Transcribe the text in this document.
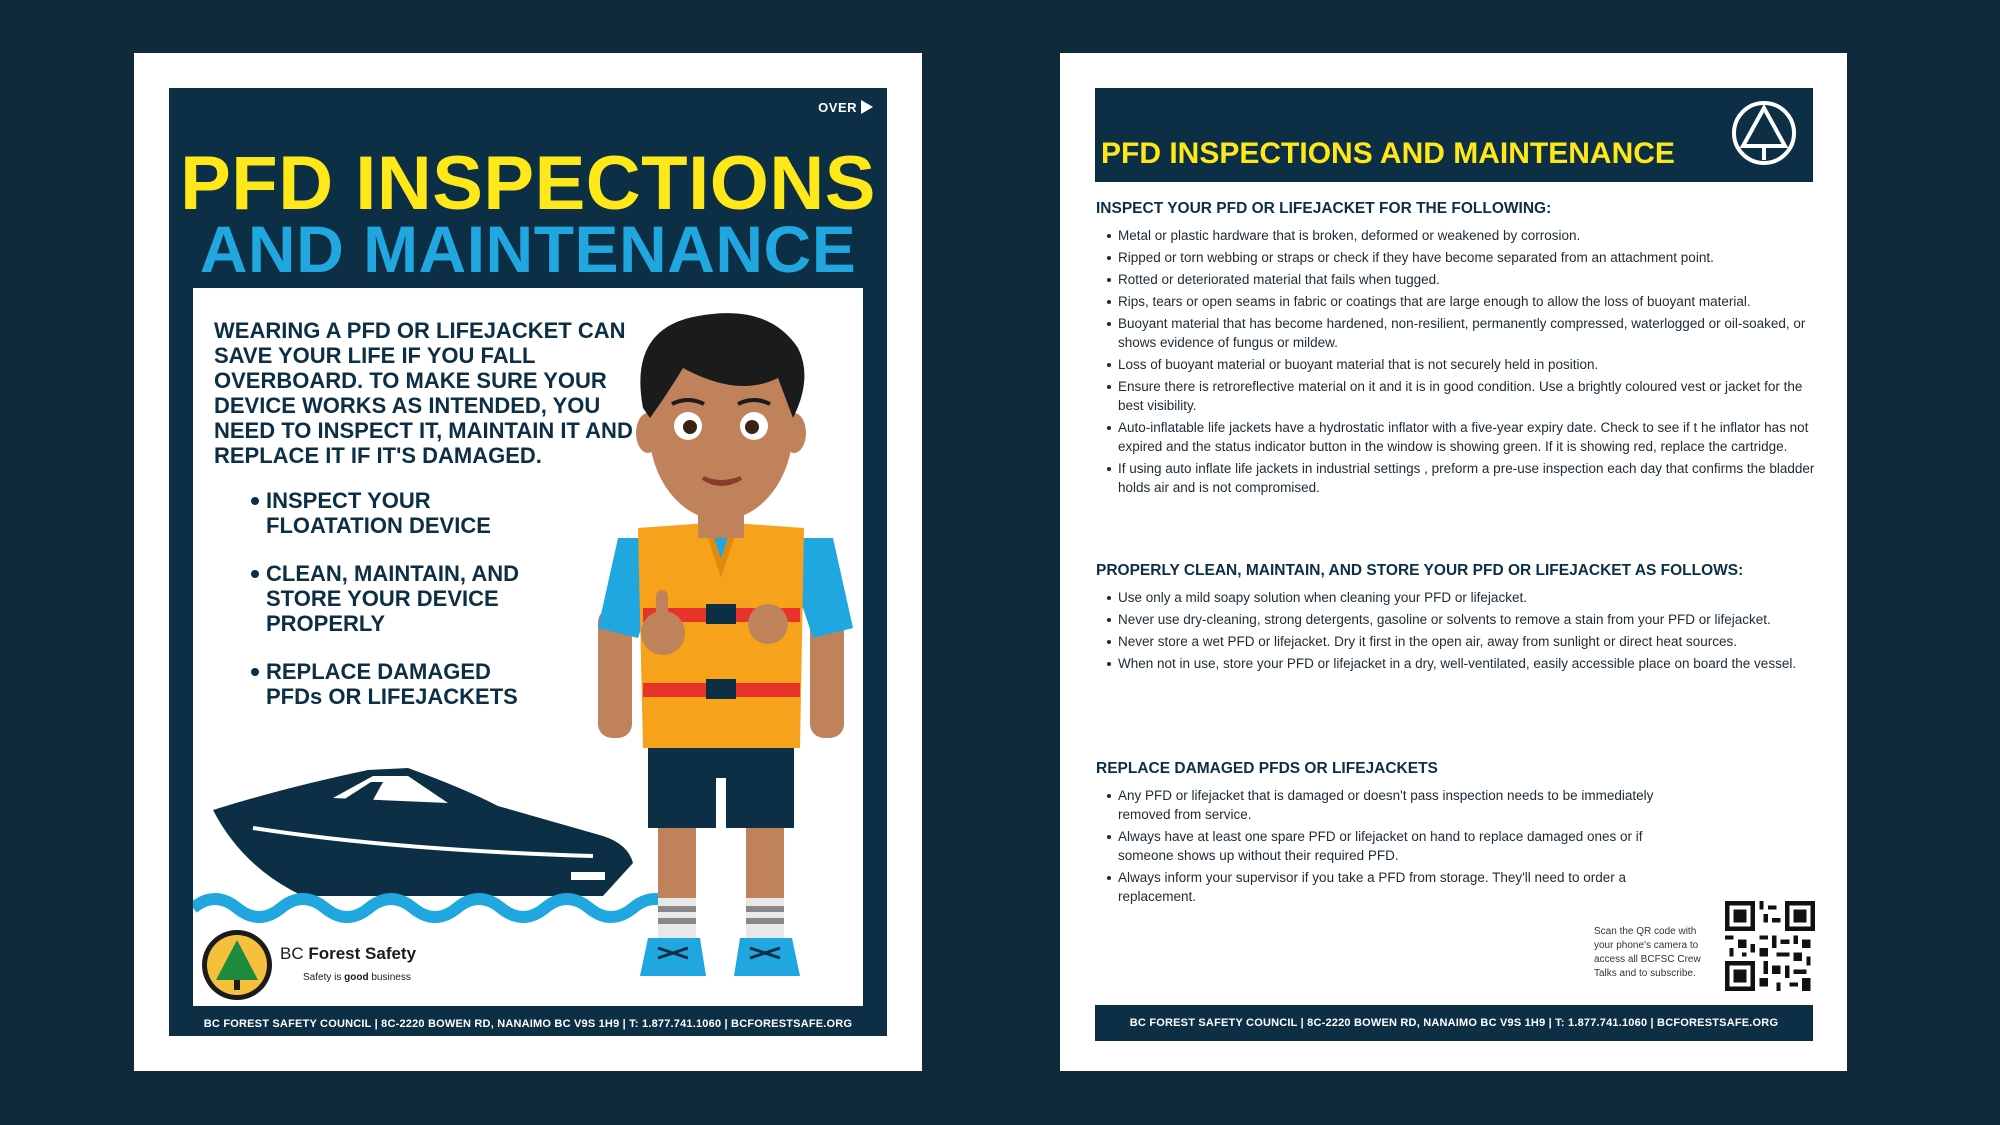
OVER
PFD INSPECTIONS
AND MAINTENANCE

WEARING A PFD OR LIFEJACKET CAN SAVE YOUR LIFE IF YOU FALL OVERBOARD. TO MAKE SURE YOUR DEVICE WORKS AS INTENDED, YOU NEED TO INSPECT IT, MAINTAIN IT AND REPLACE IT IF IT'S DAMAGED.

INSPECT YOUR FLOATATION DEVICE
CLEAN, MAINTAIN, AND STORE YOUR DEVICE PROPERLY
REPLACE DAMAGED PFDs OR LIFEJACKETS
BC Forest Safety
Safety is good business
BC FOREST SAFETY COUNCIL | 8C-2220 BOWEN RD, NANAIMO BC V9S 1H9 | T: 1.877.741.1060 | BCFORESTSAFE.ORG
PFD INSPECTIONS AND MAINTENANCE
INSPECT YOUR PFD OR LIFEJACKET FOR THE FOLLOWING:
Metal or plastic hardware that is broken, deformed or weakened by corrosion.
Ripped or torn webbing or straps or check if they have become separated from an attachment point.
Rotted or deteriorated material that fails when tugged.
Rips, tears or open seams in fabric or coatings that are large enough to allow the loss of buoyant material.
Buoyant material that has become hardened, non-resilient, permanently compressed, waterlogged or oil-soaked, or shows evidence of fungus or mildew.
Loss of buoyant material or buoyant material that is not securely held in position.
Ensure there is retroreflective material on it and it is in good condition. Use a brightly coloured vest or jacket for the best visibility.
Auto-inflatable life jackets have a hydrostatic inflator with a five-year expiry date. Check to see if t he inflator has not expired and the status indicator button in the window is showing green. If it is showing red, replace the cartridge.
If using auto inflate life jackets in industrial settings , preform a pre-use inspection each day that confirms the bladder holds air and is not compromised.
PROPERLY CLEAN, MAINTAIN, AND STORE YOUR PFD OR LIFEJACKET AS FOLLOWS:
Use only a mild soapy solution when cleaning your PFD or lifejacket.
Never use dry-cleaning, strong detergents, gasoline or solvents to remove a stain from your PFD or lifejacket.
Never store a wet PFD or lifejacket. Dry it first in the open air, away from sunlight or direct heat sources.
When not in use, store your PFD or lifejacket in a dry, well-ventilated, easily accessible place on board the vessel.
REPLACE DAMAGED PFDS OR LIFEJACKETS
Any PFD or lifejacket that is damaged or doesn't pass inspection needs to be immediately removed from service.
Always have at least one spare PFD or lifejacket on hand to replace damaged ones or if someone shows up without their required PFD.
Always inform your supervisor if you take a PFD from storage. They'll need to order a replacement.
Scan the QR code with your phone's camera to access all BCFSC Crew Talks and to subscribe.
BC FOREST SAFETY COUNCIL | 8C-2220 BOWEN RD, NANAIMO BC V9S 1H9 | T: 1.877.741.1060 | BCFORESTSAFE.ORG
